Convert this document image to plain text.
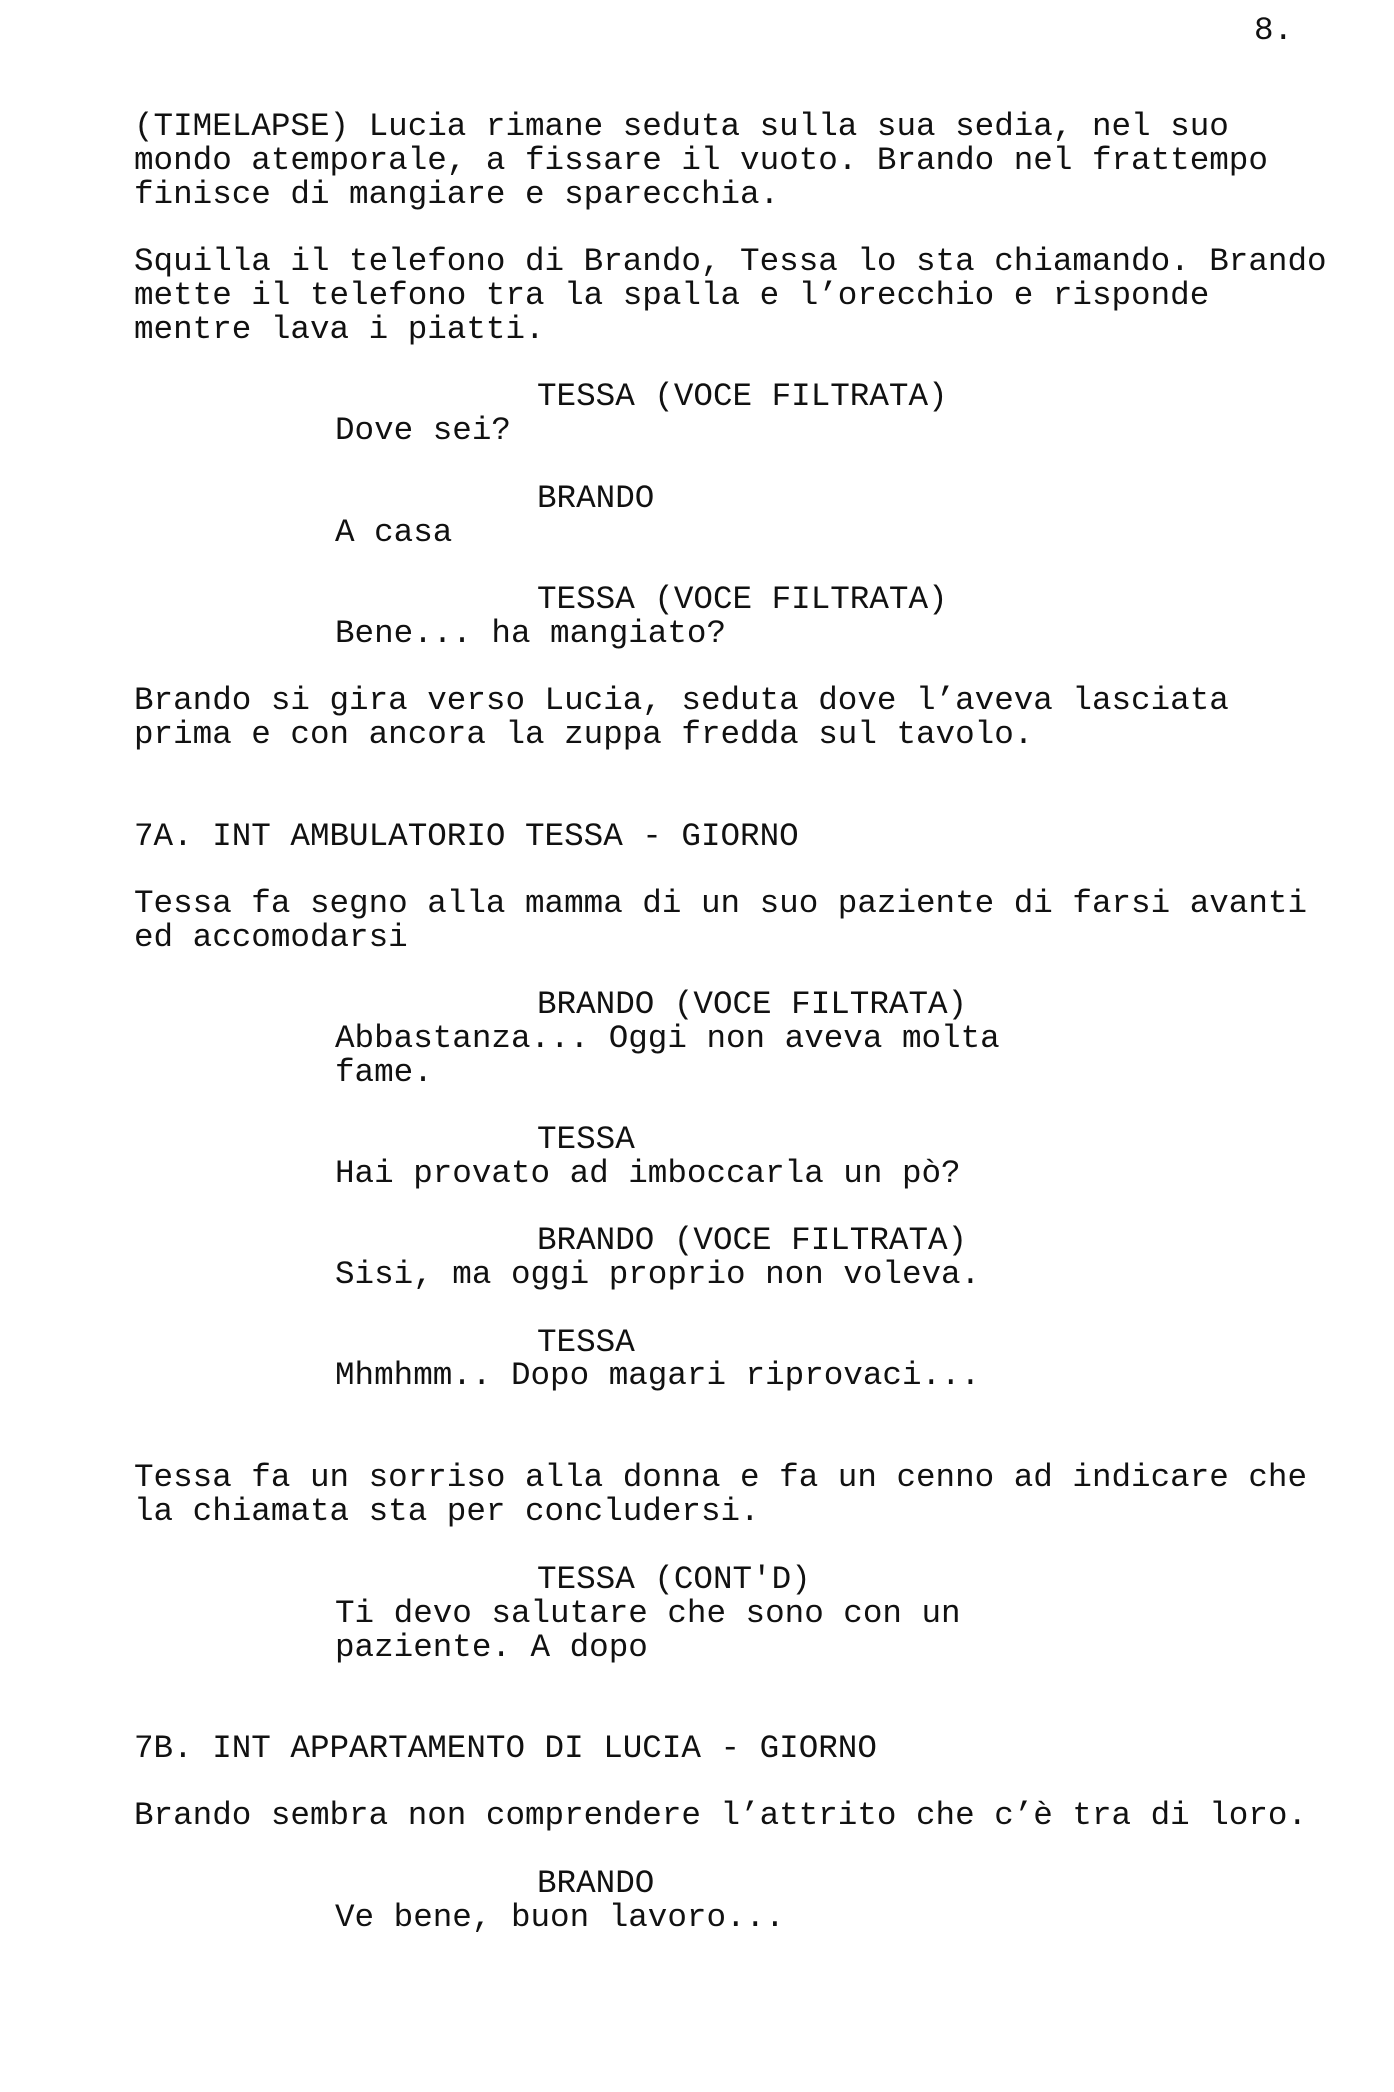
8.
(TIMELAPSE) Lucia rimane seduta sulla sua sedia, nel suo
mondo atemporale, a fissare il vuoto. Brando nel frattempo
finisce di mangiare e sparecchia.
Squilla il telefono di Brando, Tessa lo sta chiamando. Brando
mette il telefono tra la spalla e l’orecchio e risponde
mentre lava i piatti.
TESSA (VOCE FILTRATA)
Dove sei?
BRANDO
A casa
TESSA (VOCE FILTRATA)
Bene... ha mangiato?
Brando si gira verso Lucia, seduta dove l’aveva lasciata
prima e con ancora la zuppa fredda sul tavolo.
7A. INT AMBULATORIO TESSA - GIORNO
Tessa fa segno alla mamma di un suo paziente di farsi avanti
ed accomodarsi
BRANDO (VOCE FILTRATA)
Abbastanza... Oggi non aveva molta
fame.
TESSA
Hai provato ad imboccarla un pò?
BRANDO (VOCE FILTRATA)
Sisi, ma oggi proprio non voleva.
TESSA
Mhmhmm.. Dopo magari riprovaci...
Tessa fa un sorriso alla donna e fa un cenno ad indicare che
la chiamata sta per concludersi.
TESSA (CONT'D)
Ti devo salutare che sono con un
paziente. A dopo
7B. INT APPARTAMENTO DI LUCIA - GIORNO
Brando sembra non comprendere l’attrito che c’è tra di loro.
BRANDO
Ve bene, buon lavoro...
